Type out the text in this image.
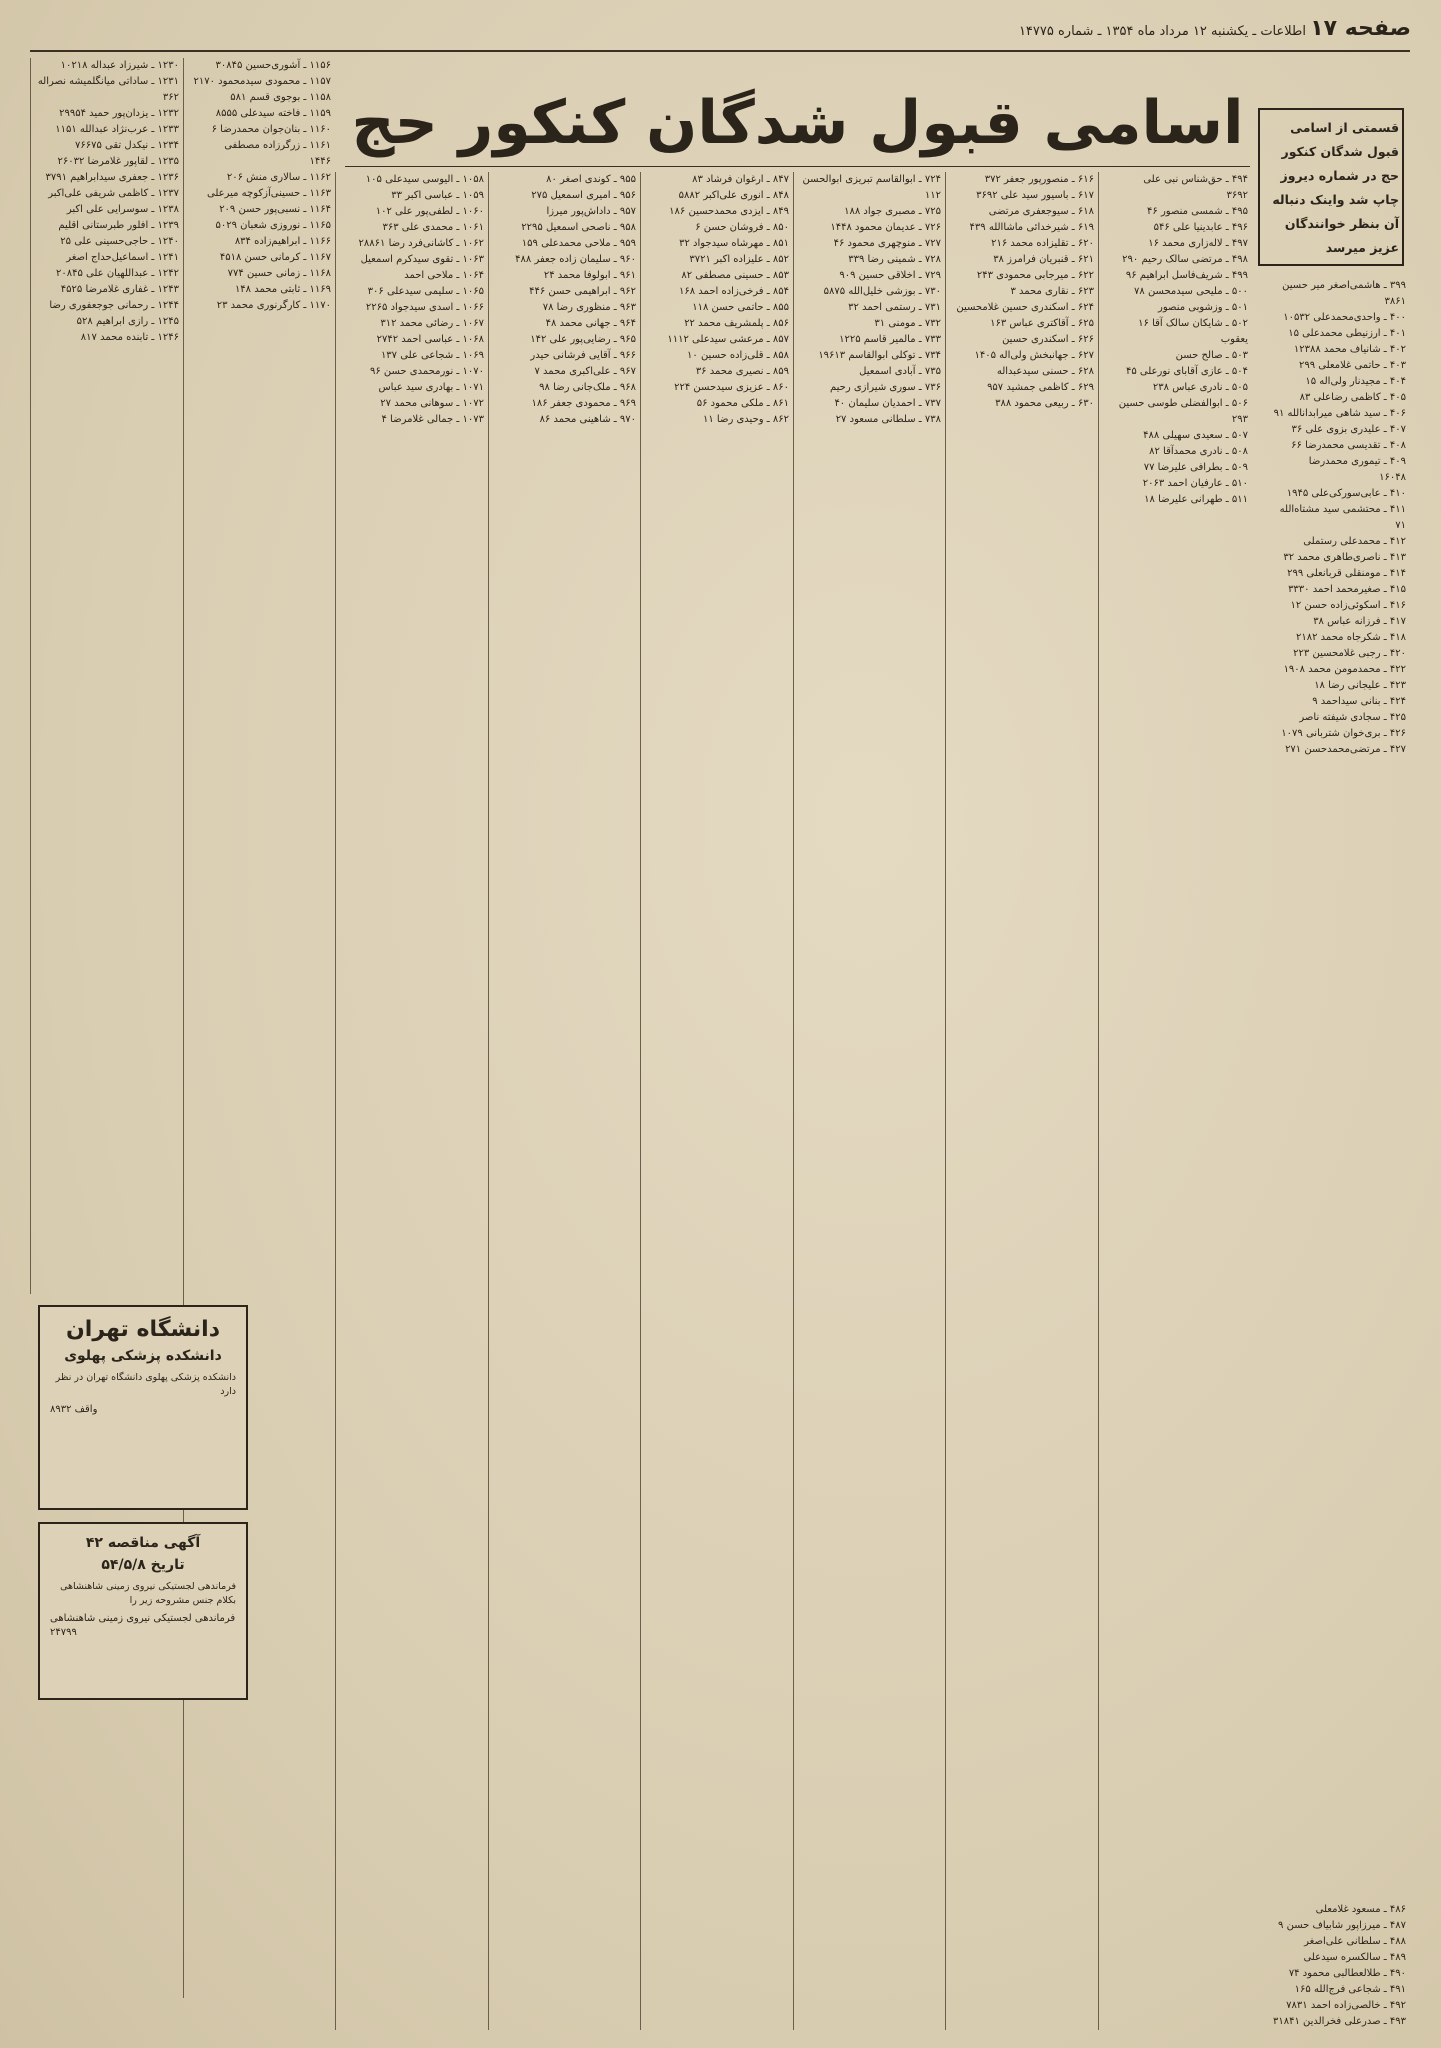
صفحه ۱۷
اطلاعات ـ یکشنبه ۱۲ مرداد ماه ۱۳۵۴ ـ شماره ۱۴۷۷۵
اسامی قبول شدگان کنکور حج	قسمتی از اسامی قبول شدگان کنکور حج در شماره دیروز چاپ شد واینک دنباله آن بنظر خوانندگان عزیز میرسد
۳۹۹ ـ هاشمی‌اصغر میر حسین
۳۸۶۱
۴۰۰ ـ واحدی‌محمدعلی ۱۰۵۳۲
۴۰۱ ـ ارزنیطی محمدعلی ۱۵
۴۰۲ ـ شانیاف محمد ۱۲۳۸۸
۴۰۳ ـ حاتمی غلامعلی ۲۹۹
۴۰۴ ـ مجیدنار ولی‌اله ۱۵
۴۰۵ ـ کاظمی رضاعلی ۸۳
۴۰۶ ـ سید شاهی میرابدانالله ۹۱
۴۰۷ ـ علیدری بزوی علی ۳۶
۴۰۸ ـ تقدیسی محمدرضا ۶۶
۴۰۹ ـ تیموری محمدرضا
۱۶۰۴۸
۴۱۰ ـ عابی‌سورکی‌علی ۱۹۴۵
۴۱۱ ـ محتشمی سید مشتاه‌الله
۷۱
۴۱۲ ـ محمدعلی رستملی
۴۱۳ ـ ناصری‌طاهری محمد ۳۲
۴۱۴ ـ مومنقلی قربانعلی ۲۹۹
۴۱۵ ـ صغیرمحمد احمد ۳۳۳۰
۴۱۶ ـ اسکوئی‌زاده حسن ۱۲
۴۱۷ ـ فرزانه عباس ۳۸
۴۱۸ ـ شکرجاه محمد ۲۱۸۲
۴۲۰ ـ رجبی غلامحسین ۲۲۳
۴۲۲ ـ محمدمومن محمد ۱۹۰۸
۴۲۳ ـ علیجانی رضا ۱۸
۴۲۴ ـ بنانی سیداحمد ۹
۴۲۵ ـ سجادی شیفته ناصر
۴۲۶ ـ بری‌خوان شتربانی ۱۰۷۹
۴۲۷ ـ مرتضی‌محمدحسن ۲۷۱
۴۸۶ ـ مسعود غلامعلی
۴۸۷ ـ میرزاپور شابیاف حسن ۹
۴۸۸ ـ سلطانی علی‌اصغر
۴۸۹ ـ سالکسره سیدعلی
۴۹۰ ـ طلالعطالبی محمود ۷۴
۴۹۱ ـ شجاعی فرج‌الله ۱۶۵
۴۹۲ ـ خالصی‌زاده احمد ۷۸۳۱
۴۹۳ ـ صدرعلی فخرالدین ۳۱۸۴۱
۴۹۴ ـ حق‌شناس نبی علی
۳۶۹۲
۴۹۵ ـ شمسی منصور ۴۶
۴۹۶ ـ عابدینیا علی ۵۴۶
۴۹۷ ـ لاله‌زاری محمد ۱۶
۴۹۸ ـ مرتضی سالک رحیم ۲۹۰
۴۹۹ ـ شریف‌فاسل ابراهیم ۹۶
۵۰۰ ـ ملیحی سیدمحسن ۷۸
۵۰۱ ـ وزشوبی منصور
۵۰۲ ـ شایکان سالک آقا ۱۶
یعقوب
۵۰۳ ـ صالح حسن
۵۰۴ ـ عازی آقابای نورعلی ۴۵
۵۰۵ ـ نادری عباس ۲۳۸
۵۰۶ ـ ابوالفضلی طوسی حسین
۲۹۳
۵۰۷ ـ سعیدی سهیلی ۴۸۸
۵۰۸ ـ نادری محمدآقا ۸۲
۵۰۹ ـ بطرافی علیرضا ۷۷
۵۱۰ ـ عارفیان احمد ۲۰۶۳
۵۱۱ ـ طهرانی علیرضا ۱۸
۶۱۶ ـ منصورپور جعفر ۳۷۲
۶۱۷ ـ باسیور سید علی ۳۶۹۲
۶۱۸ ـ سیوجعفری مرتضی
۶۱۹ ـ شیرخدائی ماشاالله ۴۳۹
۶۲۰ ـ تقلیزاده محمد ۲۱۶
۶۲۱ ـ قنبریان فرامرز ۳۸
۶۲۲ ـ میرجابی محمودی ۲۴۳
۶۲۳ ـ نقاری محمد ۳
۶۲۴ ـ اسکندری حسین غلامحسین
۶۲۵ ـ آقاکتری عباس ۱۶۳
۶۲۶ ـ اسکندری حسین
۶۲۷ ـ جهانبخش ولی‌اله ۱۴۰۵
۶۲۸ ـ حسنی سیدعبداله
۶۲۹ ـ کاظمی جمشید ۹۵۷
۶۳۰ ـ ربیعی محمود ۳۸۸
۷۲۴ ـ ابوالقاسم تبریزی ابوالحسن
۱۱۲
۷۲۵ ـ مصبری جواد ۱۸۸
۷۲۶ ـ عدیمان محمود ۱۴۴۸
۷۲۷ ـ منوچهری محمود ۴۶
۷۲۸ ـ شمینی رضا ۳۳۹
۷۲۹ ـ اخلاقی حسین ۹۰۹
۷۳۰ ـ بوزشی خلیل‌الله ۵۸۷۵
۷۳۱ ـ رستمی احمد ۳۲
۷۳۲ ـ مومنی ۳۱
۷۳۳ ـ مالمیر قاسم ۱۲۲۵
۷۳۴ ـ توکلی ابوالقاسم ۱۹۶۱۳
۷۳۵ ـ آبادی اسمعیل
۷۳۶ ـ سوری شیرازی رحیم
۷۳۷ ـ احمدیان سلیمان ۴۰
۷۳۸ ـ سلطانی مسعود ۲۷
۸۴۷ ـ ارغوان فرشاد ۸۳
۸۴۸ ـ انوری علی‌اکبر ۵۸۸۲
۸۴۹ ـ ایزدی محمدحسین ۱۸۶
۸۵۰ ـ فروشان حسن ۶
۸۵۱ ـ مهرشاه سیدجواد ۳۲
۸۵۲ ـ علیزاده اکبر ۳۷۲۱
۸۵۳ ـ حسینی مصطفی ۸۲
۸۵۴ ـ فرخی‌زاده احمد ۱۶۸
۸۵۵ ـ حاتمی حسن ۱۱۸
۸۵۶ ـ پلمشریف محمد ۲۲
۸۵۷ ـ مرعشی سیدعلی ۱۱۱۲
۸۵۸ ـ قلی‌زاده حسین ۱۰
۸۵۹ ـ نصیری محمد ۳۶
۸۶۰ ـ عزیزی سیدحسن ۲۲۴
۸۶۱ ـ ملکی محمود ۵۶
۸۶۲ ـ وحیدی رضا ۱۱
۹۵۵ ـ کوندی اصغر ۸۰
۹۵۶ ـ امیری اسمعیل ۲۷۵
۹۵۷ ـ داداش‌پور میرزا
۹۵۸ ـ ناصحی اسمعیل ۲۲۹۵
۹۵۹ ـ ملاحی محمدعلی ۱۵۹
۹۶۰ ـ سلیمان زاده جعفر ۴۸۸
۹۶۱ ـ ابولوفا محمد ۲۴
۹۶۲ ـ ابراهیمی حسن ۴۴۶
۹۶۳ ـ منظوری رضا ۷۸
۹۶۴ ـ جهانی محمد ۴۸
۹۶۵ ـ رضایی‌پور علی ۱۴۲
۹۶۶ ـ آقایی فرشانی حیدر
۹۶۷ ـ علی‌اکبری محمد ۷
۹۶۸ ـ ملک‌جانی رضا ۹۸
۹۶۹ ـ محمودی جعفر ۱۸۶
۹۷۰ ـ شاهینی محمد ۸۶
۱۰۵۸ ـ الیوسی سیدعلی ۱۰۵
۱۰۵۹ ـ عباسی اکبر ۳۳
۱۰۶۰ ـ لطفی‌پور علی ۱۰۲
۱۰۶۱ ـ محمدی علی ۳۶۳
۱۰۶۲ ـ کاشانی‌فرد رضا ۲۸۸۶۱
۱۰۶۳ ـ تقوی سیدکرم اسمعیل
۱۰۶۴ ـ ملاحی احمد
۱۰۶۵ ـ سلیمی سیدعلی ۳۰۶
۱۰۶۶ ـ اسدی سیدجواد ۲۲۶۵
۱۰۶۷ ـ رضائی محمد ۳۱۲
۱۰۶۸ ـ عباسی احمد ۲۷۴۲
۱۰۶۹ ـ شجاعی علی ۱۳۷
۱۰۷۰ ـ نورمحمدی حسن ۹۶
۱۰۷۱ ـ بهادری سید عباس
۱۰۷۲ ـ سوهانی محمد ۲۷
۱۰۷۳ ـ جمالی غلامرضا ۴
۱۱۵۶ ـ آشوری‌حسین ۳۰۸۴۵
۱۱۵۷ ـ محمودی سیدمحمود ۲۱۷۰
۱۱۵۸ ـ بوجوی قسم ۵۸۱
۱۱۵۹ ـ فاخته سیدعلی ۸۵۵۵
۱۱۶۰ ـ بنان‌جوان محمدرضا ۶
۱۱۶۱ ـ زرگرزاده مصطفی
۱۴۴۶
۱۱۶۲ ـ سالاری منش ۲۰۶
۱۱۶۳ ـ حسینی‌آزکوچه میرعلی
۱۱۶۴ ـ نسبی‌پور حسن ۲۰۹
۱۱۶۵ ـ نوروزی شعبان ۵۰۲۹
۱۱۶۶ ـ ابراهیم‌زاده ۸۳۴
۱۱۶۷ ـ کرمانی حسن ۴۵۱۸
۱۱۶۸ ـ زمانی حسین ۷۷۴
۱۱۶۹ ـ ثابتی محمد ۱۴۸
۱۱۷۰ ـ کارگرنوری محمد ۲۳
۱۲۳۰ ـ شیرزاد عبداله ۱۰۲۱۸
۱۲۳۱ ـ ساداتی میانگلمیشه نصراله
۳۶۲
۱۲۳۲ ـ یزدان‌پور حمید ۲۹۹۵۴
۱۲۳۳ ـ عرب‌نژاد عبدالله ۱۱۵۱
۱۲۳۴ ـ نیکدل تقی ۷۶۶۷۵
۱۲۳۵ ـ لقاپور غلامرضا ۲۶۰۳۲
۱۲۳۶ ـ جعفری سیدابراهیم ۳۷۹۱
۱۲۳۷ ـ کاظمی شریفی علی‌اکبر
۱۲۳۸ ـ سوسرایی علی اکبر
۱۲۳۹ ـ افلور طبرستانی اقلیم
۱۲۴۰ ـ حاجی‌حسینی علی ۲۵
۱۲۴۱ ـ اسماعیل‌حداج اصغر
۱۲۴۲ ـ عبداللهیان علی ۲۰۸۴۵
۱۲۴۳ ـ غفاری غلامرضا ۴۵۲۵
۱۲۴۴ ـ رحمانی جوجعفوری رضا
۱۲۴۵ ـ رازی ابراهیم ۵۲۸
۱۲۴۶ ـ تابنده محمد ۸۱۷
دانشگاه تهران
دانشکده پزشکی پهلوی
دانشکده پزشکی پهلوی دانشگاه تهران در نظر دارد
واقف ۸۹۳۲
آگهی مناقصه ۴۲
تاریخ ۵۴/۵/۸
فرماندهی لجستیکی نیروی زمینی شاهنشاهی بکلام جنس مشروحه زیر را
فرماندهی لجستیکی نیروی زمینی شاهنشاهی ۲۴۷۹۹
